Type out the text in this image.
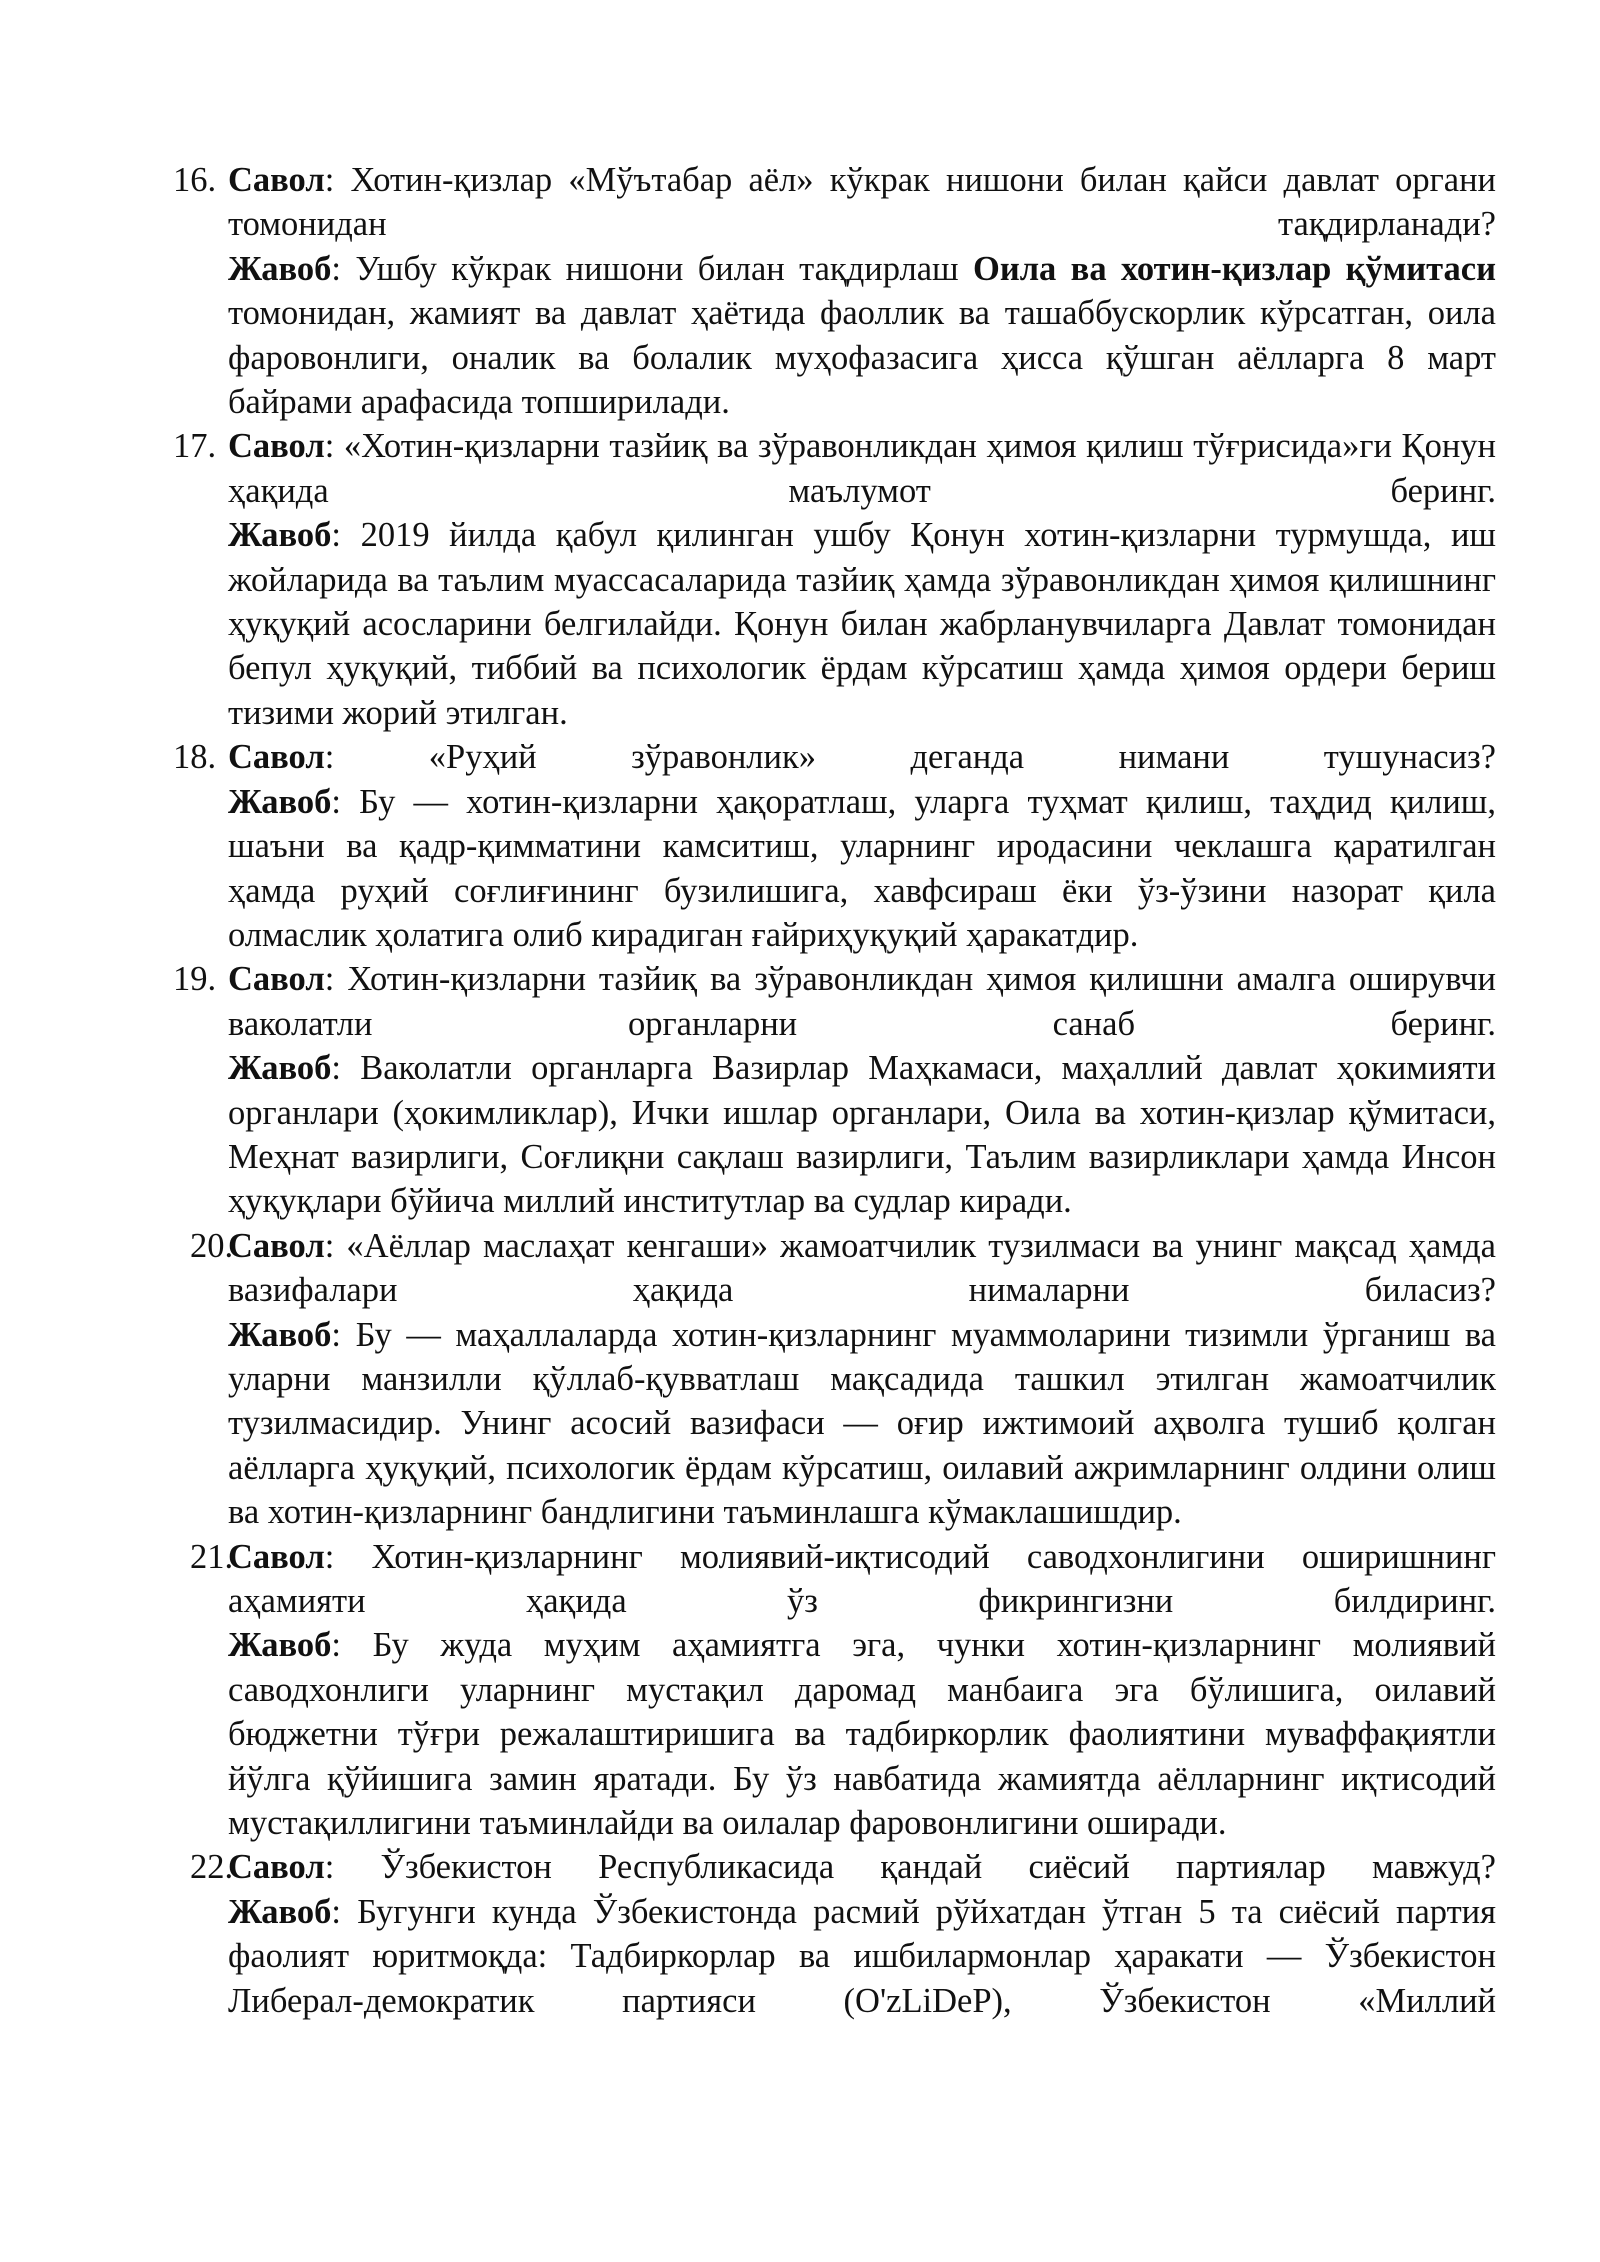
16. Савол: Хотин-қизлар «Мўътабар аёл» кўкрак нишони билан қайси давлат органи томонидан тақдирланади?

Жавоб: Ушбу кўкрак нишони билан тақдирлаш Оила ва хотин-қизлар қўмитаси томонидан, жамият ва давлат ҳаётида фаоллик ва ташаббускорлик кўрсатган, оила фаровонлиги, оналик ва болалик муҳофазасига ҳисса қўшган аёлларга 8 март байрами арафасида топширилади.

17. Савол: «Хотин-қизларни тазйиқ ва зўравонликдан ҳимоя қилиш тўғрисида»ги Қонун ҳақида маълумот беринг.

Жавоб: 2019 йилда қабул қилинган ушбу Қонун хотин-қизларни турмушда, иш жойларида ва таълим муассасаларида тазйиқ ҳамда зўравонликдан ҳимоя қилишнинг ҳуқуқий асосларини белгилайди. Қонун билан жабрланувчиларга Давлат томонидан бепул ҳуқуқий, тиббий ва психологик ёрдам кўрсатиш ҳамда ҳимоя ордери бериш тизими жорий этилган.

18. Савол: «Руҳий зўравонлик» деганда нимани тушунасиз?

Жавоб: Бу — хотин-қизларни ҳақоратлаш, уларга туҳмат қилиш, таҳдид қилиш, шаъни ва қадр-қимматини камситиш, уларнинг иродасини чеклашга қаратилган ҳамда руҳий соғлиғининг бузилишига, хавфсираш ёки ўз-ўзини назорат қила олмаслик ҳолатига олиб кирадиган ғайриҳуқуқий ҳаракатдир.

19. Савол: Хотин-қизларни тазйиқ ва зўравонликдан ҳимоя қилишни амалга оширувчи ваколатли органларни санаб беринг.

Жавоб: Ваколатли органларга Вазирлар Маҳкамаси, маҳаллий давлат ҳокимияти органлари (ҳокимликлар), Ички ишлар органлари, Оила ва хотин-қизлар қўмитаси, Меҳнат вазирлиги, Соғлиқни сақлаш вазирлиги, Таълим вазирликлари ҳамда Инсон ҳуқуқлари бўйича миллий институтлар ва судлар киради.

20.

Савол: «Аёллар маслаҳат кенгаши» жамоатчилик тузилмаси ва унинг мақсад ҳамда вазифалари ҳақида нималарни биласиз?

Жавоб: Бу — маҳаллаларда хотин-қизларнинг муаммоларини тизимли ўрганиш ва уларни манзилли қўллаб-қувватлаш мақсадида ташкил этилган жамоатчилик тузилмасидир. Унинг асосий вазифаси — оғир ижтимоий аҳволга тушиб қолган аёлларга ҳуқуқий, психологик ёрдам кўрсатиш, оилавий ажримларнинг олдини олиш ва хотин-қизларнинг бандлигини таъминлашга кўмаклашишдир.

21.

Савол: Хотин-қизларнинг молиявий-иқтисодий саводхонлигини оширишнинг аҳамияти ҳақида ўз фикрингизни билдиринг.

Жавоб: Бу жуда муҳим аҳамиятга эга, чунки хотин-қизларнинг молиявий саводхонлиги уларнинг мустақил даромад манбаига эга бўлишига, оилавий бюджетни тўғри режалаштиришига ва тадбиркорлик фаолиятини муваффақиятли йўлга қўйишига замин яратади. Бу ўз навбатида жамиятда аёлларнинг иқтисодий мустақиллигини таъминлайди ва оилалар фаровонлигини оширади.

22.

Савол: Ўзбекистон Республикасида қандай сиёсий партиялар мавжуд?

Жавоб: Бугунги кунда Ўзбекистонда расмий рўйхатдан ўтган 5 та сиёсий партия фаолият юритмоқда: Тадбиркорлар ва ишбилармонлар ҳаракати — Ўзбекистон Либерал-демократик партияси (O'zLiDeP), Ўзбекистон «Миллий
